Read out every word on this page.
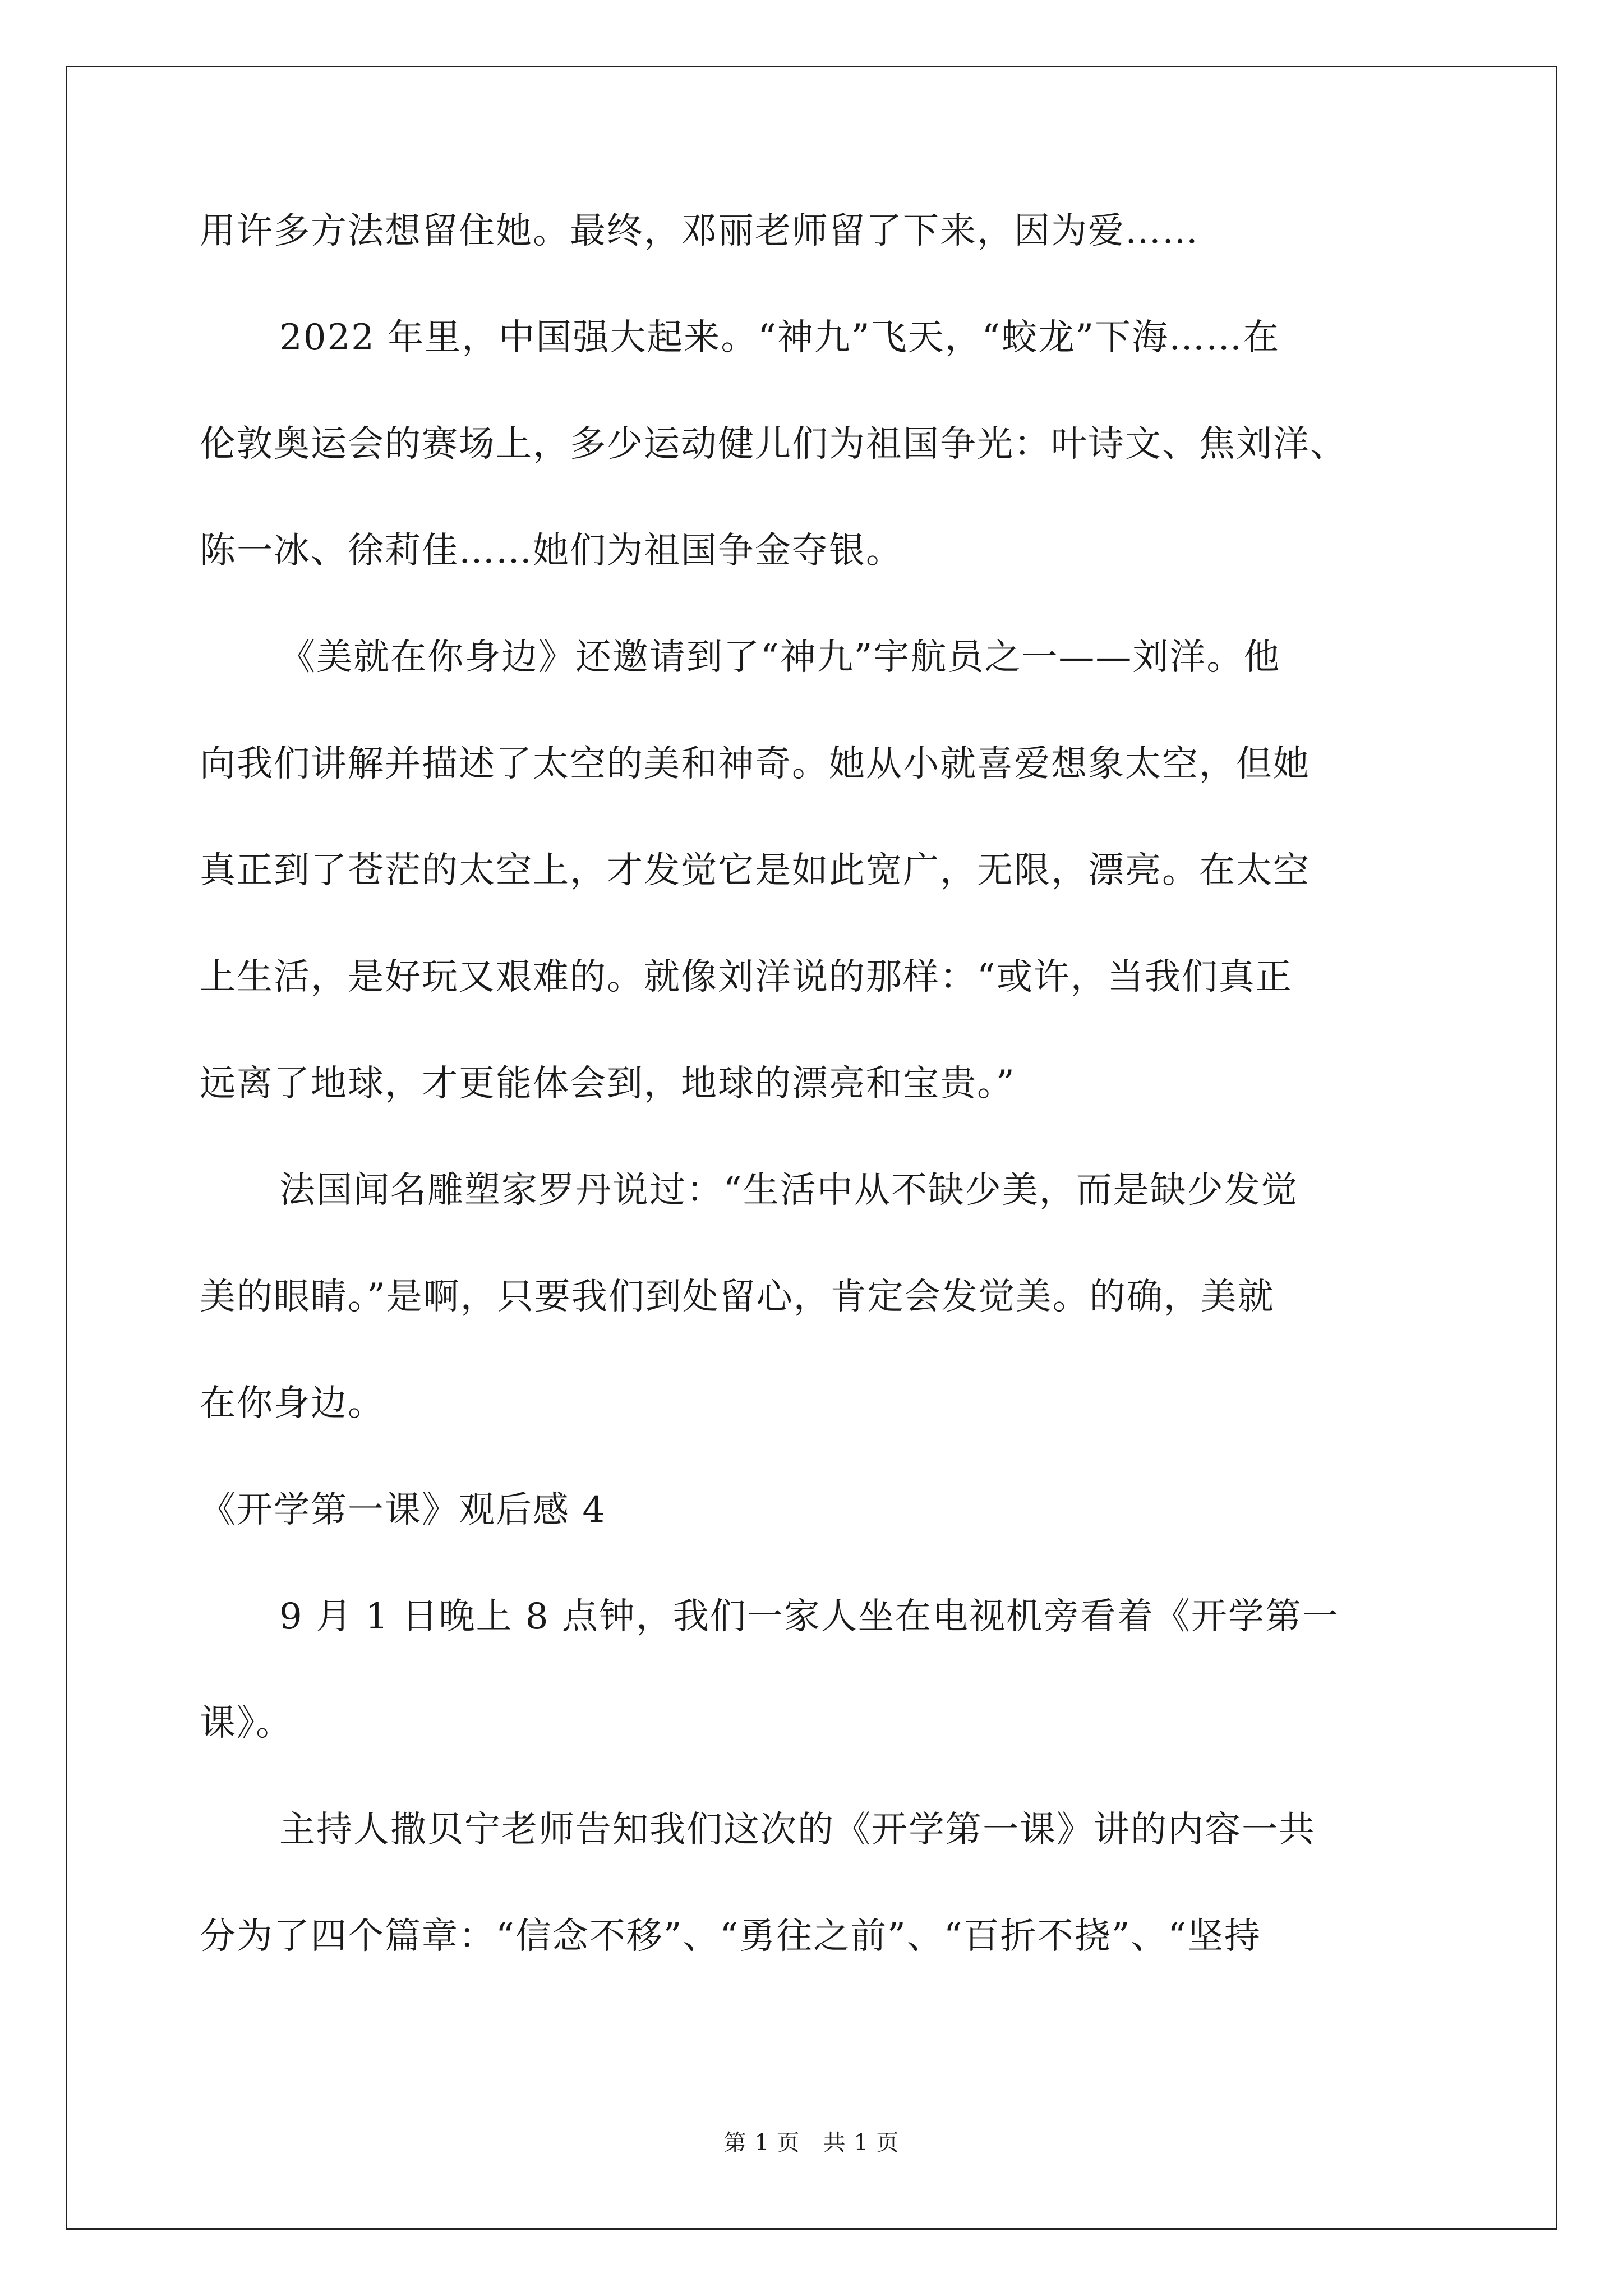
用许多方法想留住她。最终，邓丽老师留了下来，因为爱……
2022 年里，中国强大起来。“神九”飞天，“蛟龙”下海……在
伦敦奥运会的赛场上，多少运动健儿们为祖国争光：叶诗文、焦刘洋、
陈一冰、徐莉佳……她们为祖国争金夺银。
《美就在你身边》还邀请到了“神九”宇航员之一——刘洋。他
向我们讲解并描述了太空的美和神奇。她从小就喜爱想象太空，但她
真正到了苍茫的太空上，才发觉它是如此宽广，无限，漂亮。在太空
上生活，是好玩又艰难的。就像刘洋说的那样：“或许，当我们真正
远离了地球，才更能体会到，地球的漂亮和宝贵。”
法国闻名雕塑家罗丹说过：“生活中从不缺少美，而是缺少发觉
美的眼睛。”是啊，只要我们到处留心，肯定会发觉美。的确，美就
在你身边。
《开学第一课》观后感 4
9 月 1 日晚上 8 点钟，我们一家人坐在电视机旁看着《开学第一
课》。
主持人撒贝宁老师告知我们这次的《开学第一课》讲的内容一共
分为了四个篇章：“信念不移”、“勇往之前”、“百折不挠”、“坚持
第 1 页　共 1 页
